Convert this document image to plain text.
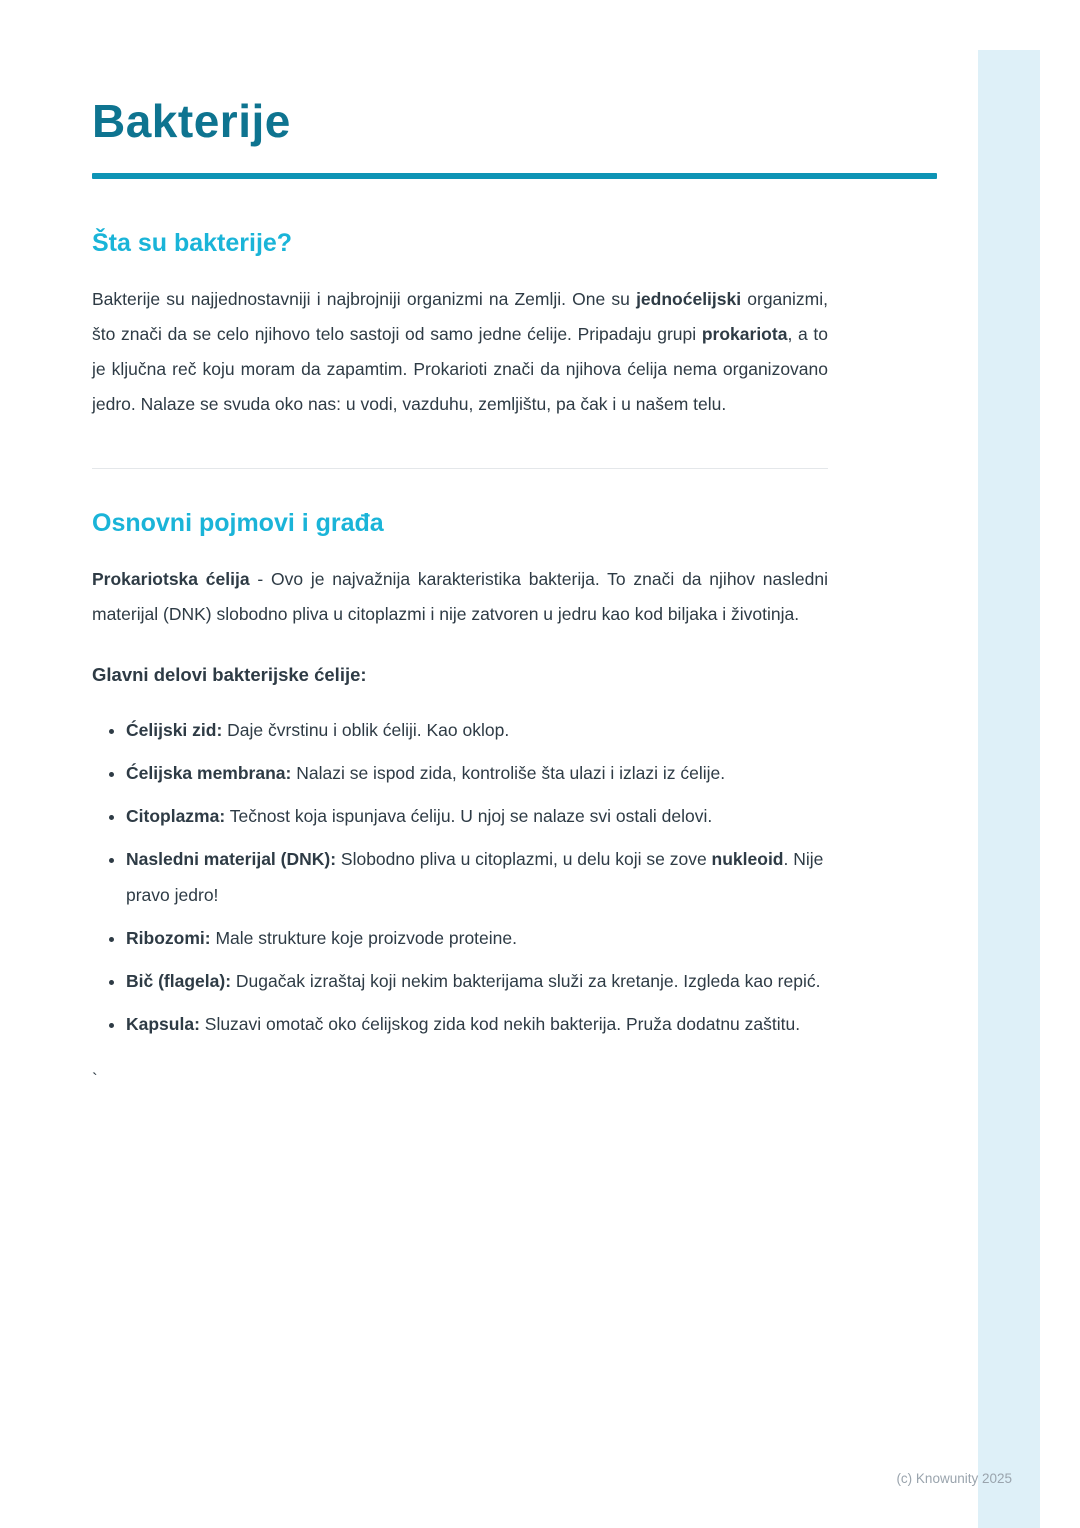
Bakterije
Šta su bakterije?

Bakterije su najjednostavniji i najbrojniji organizmi na Zemlji. One su jednoćelijski organizmi, što znači da se celo njihovo telo sastoji od samo jedne ćelije. Pripadaju grupi prokariota, a to je ključna reč koju moram da zapamtim. Prokarioti znači da njihova ćelija nema organizovano jedro. Nalaze se svuda oko nas: u vodi, vazduhu, zemljištu, pa čak i u našem telu.

Osnovni pojmovi i građa

Prokariotska ćelija - Ovo je najvažnija karakteristika bakterija. To znači da njihov nasledni materijal (DNK) slobodno pliva u citoplazmi i nije zatvoren u jedru kao kod biljaka i životinja.

Glavni delovi bakterijske ćelije:
• Ćelijski zid: Daje čvrstinu i oblik ćeliji. Kao oklop.
• Ćelijska membrana: Nalazi se ispod zida, kontroliše šta ulazi i izlazi iz ćelije.
• Citoplazma: Tečnost koja ispunjava ćeliju. U njoj se nalaze svi ostali delovi.
• Nasledni materijal (DNK): Slobodno pliva u citoplazmi, u delu koji se zove nukleoid. Nije pravo jedro!
• Ribozomi: Male strukture koje proizvode proteine.
• Bič (flagela): Dugačak izraštaj koji nekim bakterijama služi za kretanje. Izgleda kao repić.
• Kapsula: Sluzavi omotač oko ćelijskog zida kod nekih bakterija. Pruža dodatnu zaštitu.
`
(c) Knowunity 2025
